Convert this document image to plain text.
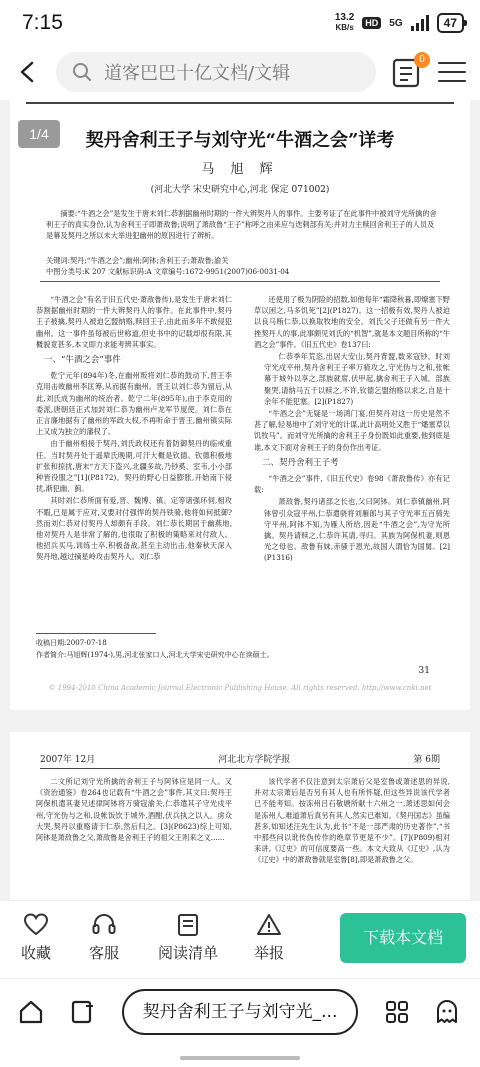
7:15	13.2
KB/s	HD	5G	47
道客巴巴十亿文档/文辑
0
1/4	契丹舍利王子与刘守光“牛酒之会”详考
马 旭 辉
(河北大学 宋史研究中心,河北 保定 071002)
摘要:“牛酒之会”是发生于唐末刘仁恭割据幽州时期的一件大辨契丹人的事件。主要考证了在此事件中被刘守光所擒的舍利王子的真实身份,认为舍利王子即萧敌鲁;说明了萧敌鲁“王子”称呼之由来应与迭剌部有关;并对力主赎回舍利王子的人员及是幕及契丹之所以未大举进犯幽州的原因进行了辨析。
关键词:契丹;“牛酒之会”;幽州;阿钵;舍利王子;萧敌鲁;渝关
中图分类号:K 207 文献标识码:A 文章编号:1672-9951(2007)06-0031-04

“牛酒之会”有名于旧五代史·萧敌鲁传),是发生于唐末刘仁恭割据幽州时期的一件大辨契丹人的事件。在此事件中,契丹王子被擒,契丹人被迫乞盟纳赂,赎回王子,由此而多年不敢侵犯幽州。这一事件虽每被后世称道,但史书中的记载却很有限,其概貌竟甚多,本文即力求能考辨其事实。

一、“牛酒之会”事件

乾宁元年(894年)冬,在幽州叛将刘仁恭的鼓动下,晋王李克用击败幽州李匡筹,从而据有幽州。晋王以刘仁恭为留后,从此,刘氏成为幽州的统治者。乾宁二年(895年),由于李克用的委派,唐朝廷正式加封刘仁恭为幽州卢龙军节度使。刘仁恭在正言廉地据有了幽州的军政大权,不再听命于晋王,幽州镇实际上又成为独立的藩权了。

由于幽州相接于契丹,刘氏政权还有着防御契丹的临戒重任。当时契丹处于遥辇氏晚期,可汗大概是钦德。钦德积极地扩张和掠扰,唐末“方天下盗兴,北疆多故,乃钞奚、室韦,小小部种皆役服之”[1](P8172)。契丹的野心日益膨胀,开始南下侵扰,渐犯幽、蓟。

其时刘仁恭所面有爱,晋、魏博、镇、定等诸强环伺,相攻不暇,已是属于应对,又要对付强悍的契丹铁骑,他将如何抵御?然而刘仁恭对付契丹人却颇有手段。刘仁恭长期居于幽燕地,他对契丹人是非常了解的,也很取了积极的策略来对付敌人。他招兵买马,训练士卒,积极备战,甚至主动出击,他秦秋天深入契丹地,越过摘星岭攻击契丹人。刘仁恭

还使用了极为阴险的招数,如他每年“霜降秋暮,即燎塞下野草以困之,马多饥死”[2](P1827)。这一招极有效,契丹人被迫以良马贿仁恭,以换取牧地的安全。刘氏父子还做有另一件大挫契丹人的事,此事颇见刘氏的“机智”,就是本文题目所称的“牛酒之会”事件。《旧五代史》卷137曰:

仁恭季年荒恣,出居大安山,契丹背盟,数来寇钞。时刘守光戍平州,契丹舍利王子率万骑攻之,守光伪与之和,张帐幕于城外以享之,部族就席,伏甲起,擒舍利王子入城。部族聚哭,请纳马五千以赎之,不许,钦德乞盟纳赂以求之,自是十余年不能犯塞。[2](P1827)

“牛酒之会”无疑是一场鸿门宴,但契丹对这一历史是然不甚了解,轻易地中了刘守光的计谋,此计高明处又胜于“燔塞草以饥牧马”。而刘守光所擒的舍利王子身份既如此重要,他到底是谁,本文下面对舍利王子的身份作出考证。

二、契丹舍利王子考

“牛酒之会”事件,《旧五代史》卷98《萧敌鲁传》亦有记载:

萧敌鲁,契丹诸部之长也,父曰阿钵。刘仁恭镇幽州,阿钵曾引众寇平州,仁恭遣骁将刘雁郎与其子守光率五百骑先守平州,阿钵不知,为雁人所给,因赴“牛酒之会”,为守光所擒。契丹请赎之,仁恭许其请,寻归。其族为阿保机妻,则恩光之母也。敌鲁有妹,赤骚于恩光,故国人谓恰为国舅。[2](P1316)

收稿日期:2007-07-18
作者简介:马旭辉(1974-),男,河北张家口人,河北大学宋史研究中心在读硕士。
31
© 1994-2010 China Academic Journal Electronic Publishing House. All rights reserved. http://www.cnki.net
2007年 12月	河北北方学院学报	第 6期

二文所记刘守光所擒的舍利王子与阿钵应是同一人。又《资治通鉴》卷264也记载有“牛酒之会”事件,其文曰:契丹王阿保机遣其妻兄述律阿钵将万骑寇渝关,仁恭遣其子守光戍平州,守光伪与之和,设帐饭饮于城外,酒酣,伏兵执之以入。虏众大哭,契丹以重赂请于仁恭,然后归之。[3](P8623)综上可知,阿钵是萧敌鲁之父,萧敌鲁是舍利王子的祖父王则来之义......

该代学者不仅注意到太宗萧后父是室鲁或萧述思的异说,并对太宗萧后是否另有其人也有所怀疑,但这些异说该代学者已不能考知。按冻州吕石敬塘所献十六州之一,萧述思如何会是冻州人,难道萧后真另有其人,然实已难知。《契丹国志》虽编甚多,如知述汪先生认为,此书“不是一部严肃的历史著作”,“书中那些问以讹传伪传作的绝章节更是不少”。[7](P809)相对来讲,《辽史》的可信度要高一些。本文大致从《辽史》,认为《辽史》中的萧敌鲁就是室鲁[8],即是萧敌鲁之父。

收藏	客服	阅读清单 举报
下载本文档
契丹舍利王子与刘守光_...
